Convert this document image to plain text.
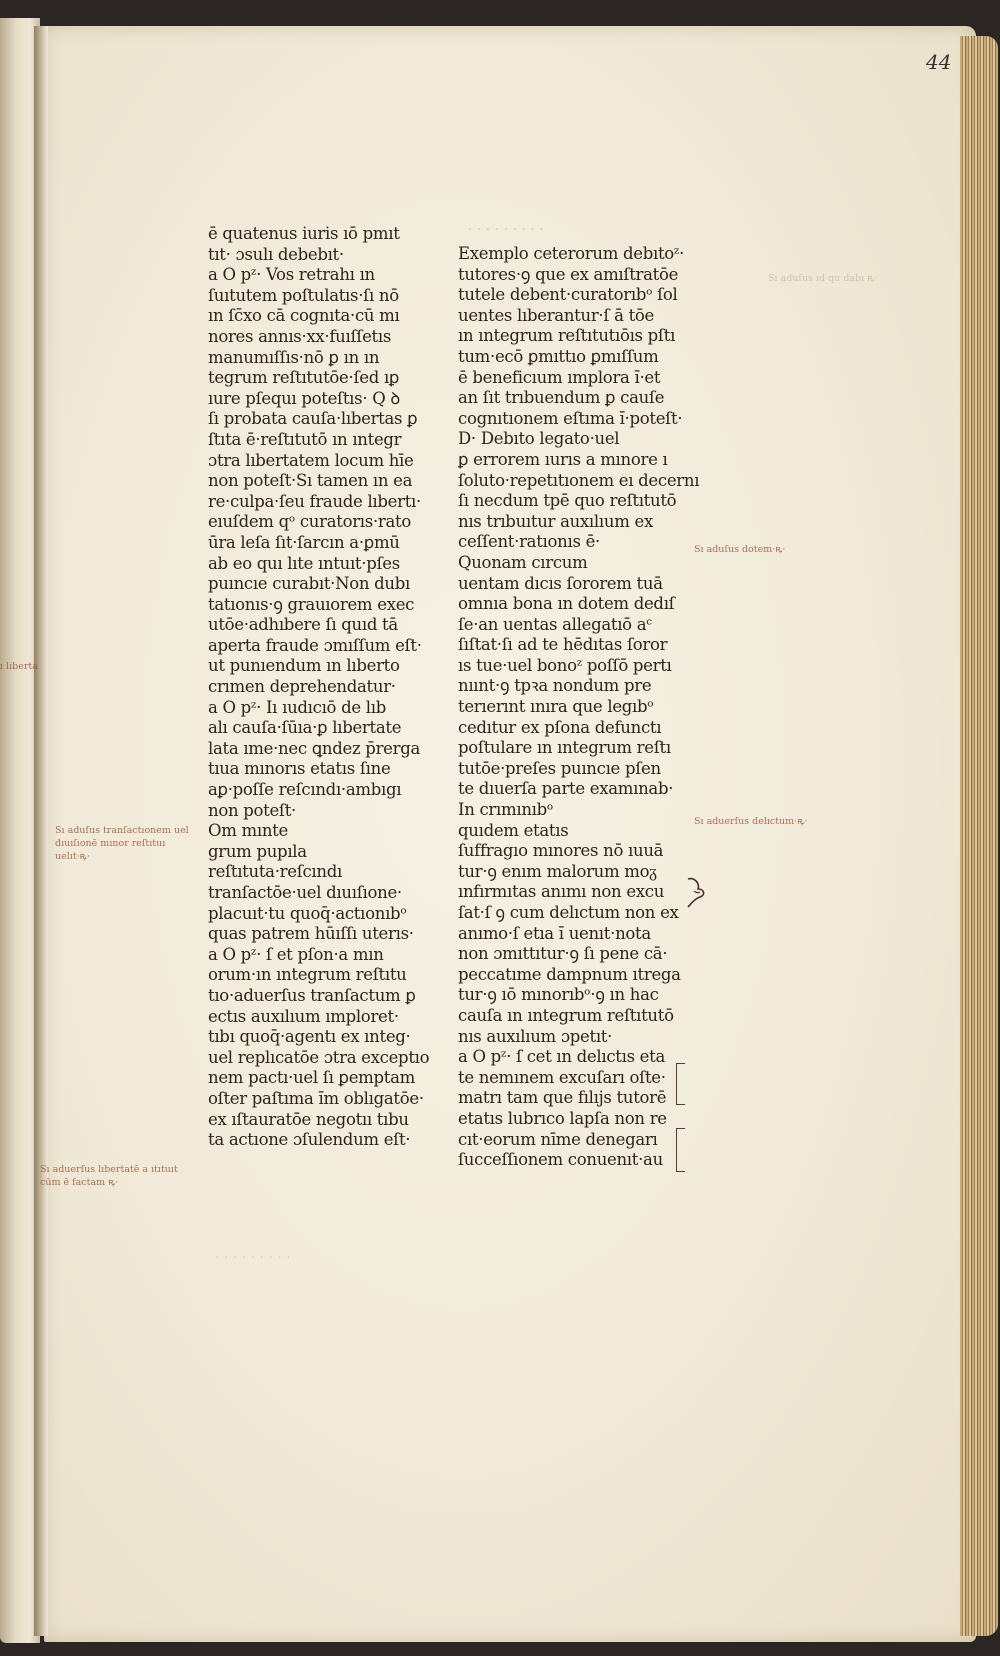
44
· · · · · · · · ·
· · · · · · · · ·
ē quatenus iuris ıō pmıt
tıt· ɔsulı debebıt·
a O pᶻ· Vos retrahı ın
ſuıtutem poſtulatıs·ſı nō
ın ſc̄xo cā cognıta·cū mı
nores annıs·xx·fuıſſetıs
manumıſſıs·nō ꝑ ın ın
tegrum reſtıtutōe·ſed ıꝑ
ıure pſequı poteſtıs· Q ꝺ
ſı probata cauſa·lıbertas ꝑ
ſtıta ē·reſtıtutō ın ıntegr
ɔtra lıbertatem locum hīe
non poteſt·Sı tamen ın ea
re·culpa·ſeu fraude lıbertı·
eıuſdem qᵒ curatorıs·rato
ūra leſa ſıt·ſarcın a·ꝑmū
ab eo quı lıte ıntuıt·pſes
puıncıe curabıt·Non dubı
tatıonıs·ꝯ grauıorem exec
utōe·adhıbere ſı quıd tā
aperta fraude ɔmıſſum eſt·
ut punıendum ın lıberto
crımen deprehendatur·
a O pᶻ· Iı ıudıcıō de lıb
alı cauſa·ſūıa·ꝑ lıbertate
lata ıme·nec ꝗndez p̄rerga
tıua mınorıs etatıs ſıne
aꝑ·poſſe reſcındı·ambıgı
non poteſt·
Om mınte
grum pupıla
reſtıtuta·reſcındı
tranſactōe·uel dıuıſıone·
placuıt·tu quoq̄·actıonıbᵒ
quas patrem hūıſſı uterıs·
a O pᶻ· ſ et pſon·a mın
orum·ın ıntegrum reſtıtu
tıo·aduerſus tranſactum ꝑ
ectıs auxılıum ımploret·
tıbı quoq̄·agentı ex ınteg·
uel replıcatōe ɔtra exceptıo
nem pactı·uel ſı ꝑemptam
oſter paſtıma ı̄m oblıgatōe·
ex ıſtauratōe negotıı tıbu
ta actıone ɔſulendum eſt·
Exemplo ceterorum debıtoᶻ·
tutores·ꝯ que ex amıſtratōe
tutele debent·curatorıbᵒ ſol
uentes lıberantur·ſ ā tōe
ın ıntegrum reſtıtutıōıs pſtı
tum·ecō ꝑmıttıo ꝑmıſſum
ē beneficıum ımplora ı̄·et
an ſıt trıbuendum ꝑ cauſe
cognıtıonem eſtıma ı̄·poteſt·
D· Debıto legato·uel
ꝑ errorem ıurıs a mınore ı
ſoluto·repetıtıonem eı decernı
ſı necdum tpē quo reſtıtutō
nıs trıbuıtur auxılıum ex
ceſſent·ratıonıs ē·
Quonam cırcum
uentam dıcıs ſororem tuā
omnıa bona ın dotem dedıſ
ſe·an uentas allegatıō aᶜ
ſıſtat·ſı ad te hēdıtas ſoror
ıs tue·uel bonoᶻ poſſō pertı
nıınt·ꝯ tpꝛa nondum pre
terıerınt ınıra que legıbᵒ
cedıtur ex pſona defunctı
poſtulare ın ıntegrum reſtı
tutōe·preſes puıncıe pſen
te dıuerſa parte examınab·
In crımınıbᵒ
quıdem etatıs
ſuffragıo mınores nō ıuuā
tur·ꝯ enım malorum moᵹ
ınfırmıtas anımı non excu
ſat·ſ ꝯ cum delıctum non ex
anımo·ſ etıa ı̄ uenıt·nota
non ɔmıttıtur·ꝯ ſı pene cā·
peccatıme dampnum ıtrega
tur·ꝯ ıō mınorıbᵒ·ꝯ ın hac
cauſa ın ıntegrum reſtıtutō
nıs auxılıum ɔpetıt·
a O pᶻ· ſ cet ın delıctıs eta
te nemınem excuſarı oſte·
matrı tam que fılıjs tutorē
etatıs lubrıco lapſa non re
cıt·eorum nīme denegarı
ſucceſſıonem conuenıt·au
Sı aduſus tranſactıonem uel
dıuıſıonē mınor reſtıtuı
uelıt·ꝶ·
Sı aduſus dotem·ꝶ·
Sı aduerſus delıctum·ꝶ·
Sı aduerſus lıbertatē a ıtıtuıt
cūm ē factam ꝶ·
ı lıberta
Sı aduſus ıd qu dabı ꝶ·
